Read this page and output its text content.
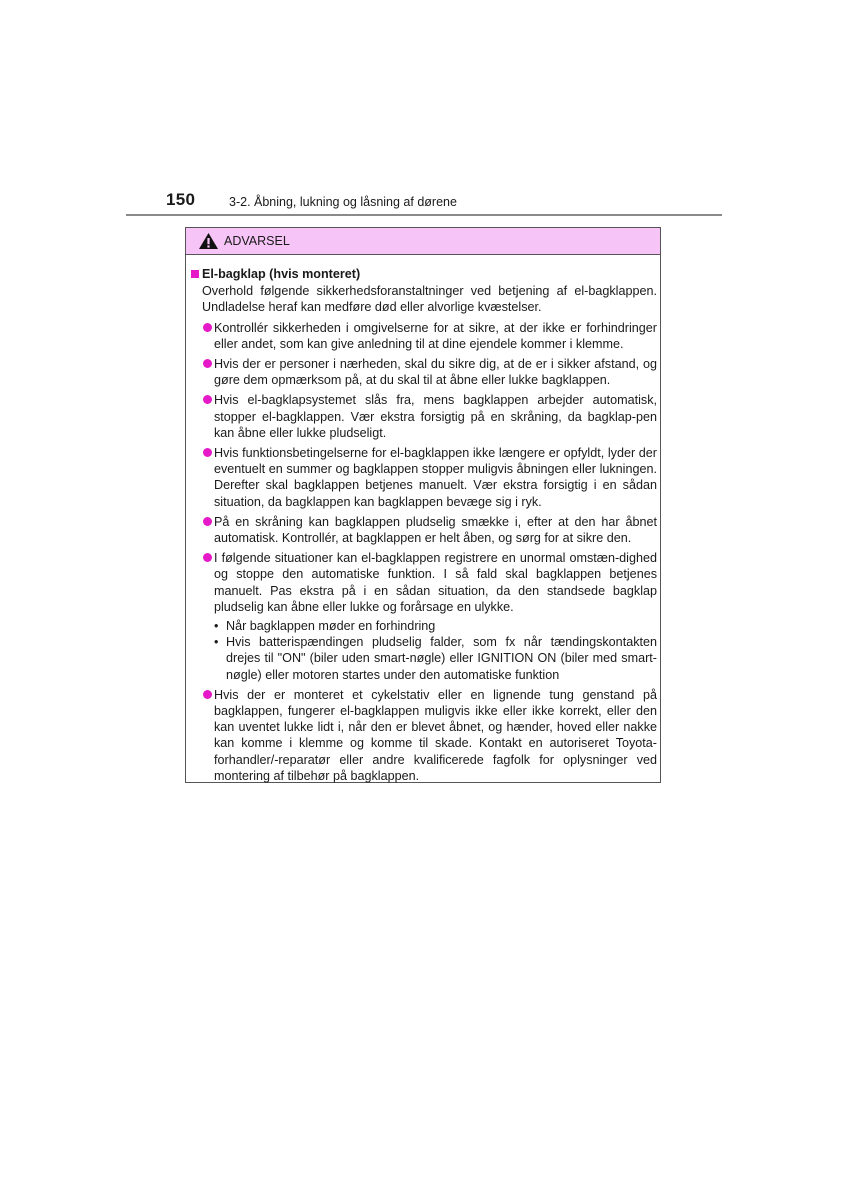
150	3-2. Åbning, lukning og låsning af dørene
ADVARSEL
El-bagklap (hvis monteret)
Overhold følgende sikkerhedsforanstaltninger ved betjening af el-bagklappen. Undladelse heraf kan medføre død eller alvorlige kvæstelser.
Kontrollér sikkerheden i omgivelserne for at sikre, at der ikke er forhindringer eller andet, som kan give anledning til at dine ejendele kommer i klemme.
Hvis der er personer i nærheden, skal du sikre dig, at de er i sikker afstand, og gøre dem opmærksom på, at du skal til at åbne eller lukke bagklappen.
Hvis el-bagklapsystemet slås fra, mens bagklappen arbejder automatisk, stopper el-bagklappen. Vær ekstra forsigtig på en skråning, da bagklap-pen kan åbne eller lukke pludseligt.
Hvis funktionsbetingelserne for el-bagklappen ikke længere er opfyldt, lyder der eventuelt en summer og bagklappen stopper muligvis åbningen eller lukningen. Derefter skal bagklappen betjenes manuelt. Vær ekstra forsigtig i en sådan situation, da bagklappen kan bagklappen bevæge sig i ryk.
På en skråning kan bagklappen pludselig smække i, efter at den har åbnet automatisk. Kontrollér, at bagklappen er helt åben, og sørg for at sikre den.
I følgende situationer kan el-bagklappen registrere en unormal omstæn-dighed og stoppe den automatiske funktion. I så fald skal bagklappen betjenes manuelt. Pas ekstra på i en sådan situation, da den standsede bagklap pludselig kan åbne eller lukke og forårsage en ulykke.
• Når bagklappen møder en forhindring
• Hvis batterispændingen pludselig falder, som fx når tændingskontakten drejes til "ON" (biler uden smart-nøgle) eller IGNITION ON (biler med smart-nøgle) eller motoren startes under den automatiske funktion
Hvis der er monteret et cykelstativ eller en lignende tung genstand på bagklappen, fungerer el-bagklappen muligvis ikke eller ikke korrekt, eller den kan uventet lukke lidt i, når den er blevet åbnet, og hænder, hoved eller nakke kan komme i klemme og komme til skade. Kontakt en autoriseret Toyota-forhandler/-reparatør eller andre kvalificerede fagfolk for oplysninger ved montering af tilbehør på bagklappen.
